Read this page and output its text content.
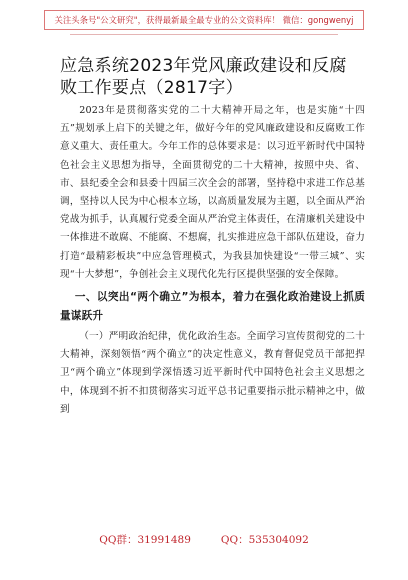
关注头条号"公文研究"，获得最新最全最专业的公文资料库！ 微信：gongwenyj
应急系统2023年党风廉政建设和反腐败工作要点（2817字）

2023年是贯彻落实党的二十大精神开局之年，也是实施“十四五”规划承上启下的关键之年，做好今年的党风廉政建设和反腐败工作意义重大、责任重大。今年工作的总体要求是：以习近平新时代中国特色社会主义思想为指导，全面贯彻党的二十大精神，按照中央、省、市、县纪委全会和县委十四届三次全会的部署，坚持稳中求进工作总基调，坚持以人民为中心根本立场，以高质量发展为主题，以全面从严治党战为抓手，认真履行党委全面从严治党主体责任，在清廉机关建设中一体推进不敢腐、不能腐、不想腐，扎实推进应急干部队伍建设，奋力打造“最精彩板块”中应急管理模式，为我县加快建设“一带三城”、实现“十大梦想”，争创社会主义现代化先行区提供坚强的安全保障。

一、以突出“两个确立”为根本，着力在强化政治建设上抓质量谋跃升

（一）严明政治纪律，优化政治生态。全面学习宣传贯彻党的二十大精神，深刻领悟“两个确立”的决定性意义，教育督促党员干部把捍卫“两个确立”体现到学深悟透习近平新时代中国特色社会主义思想之中，体现到不折不扣贯彻落实习近平总书记重要指示批示精神之中，做到

QQ群：31991489	QQ：535304092
